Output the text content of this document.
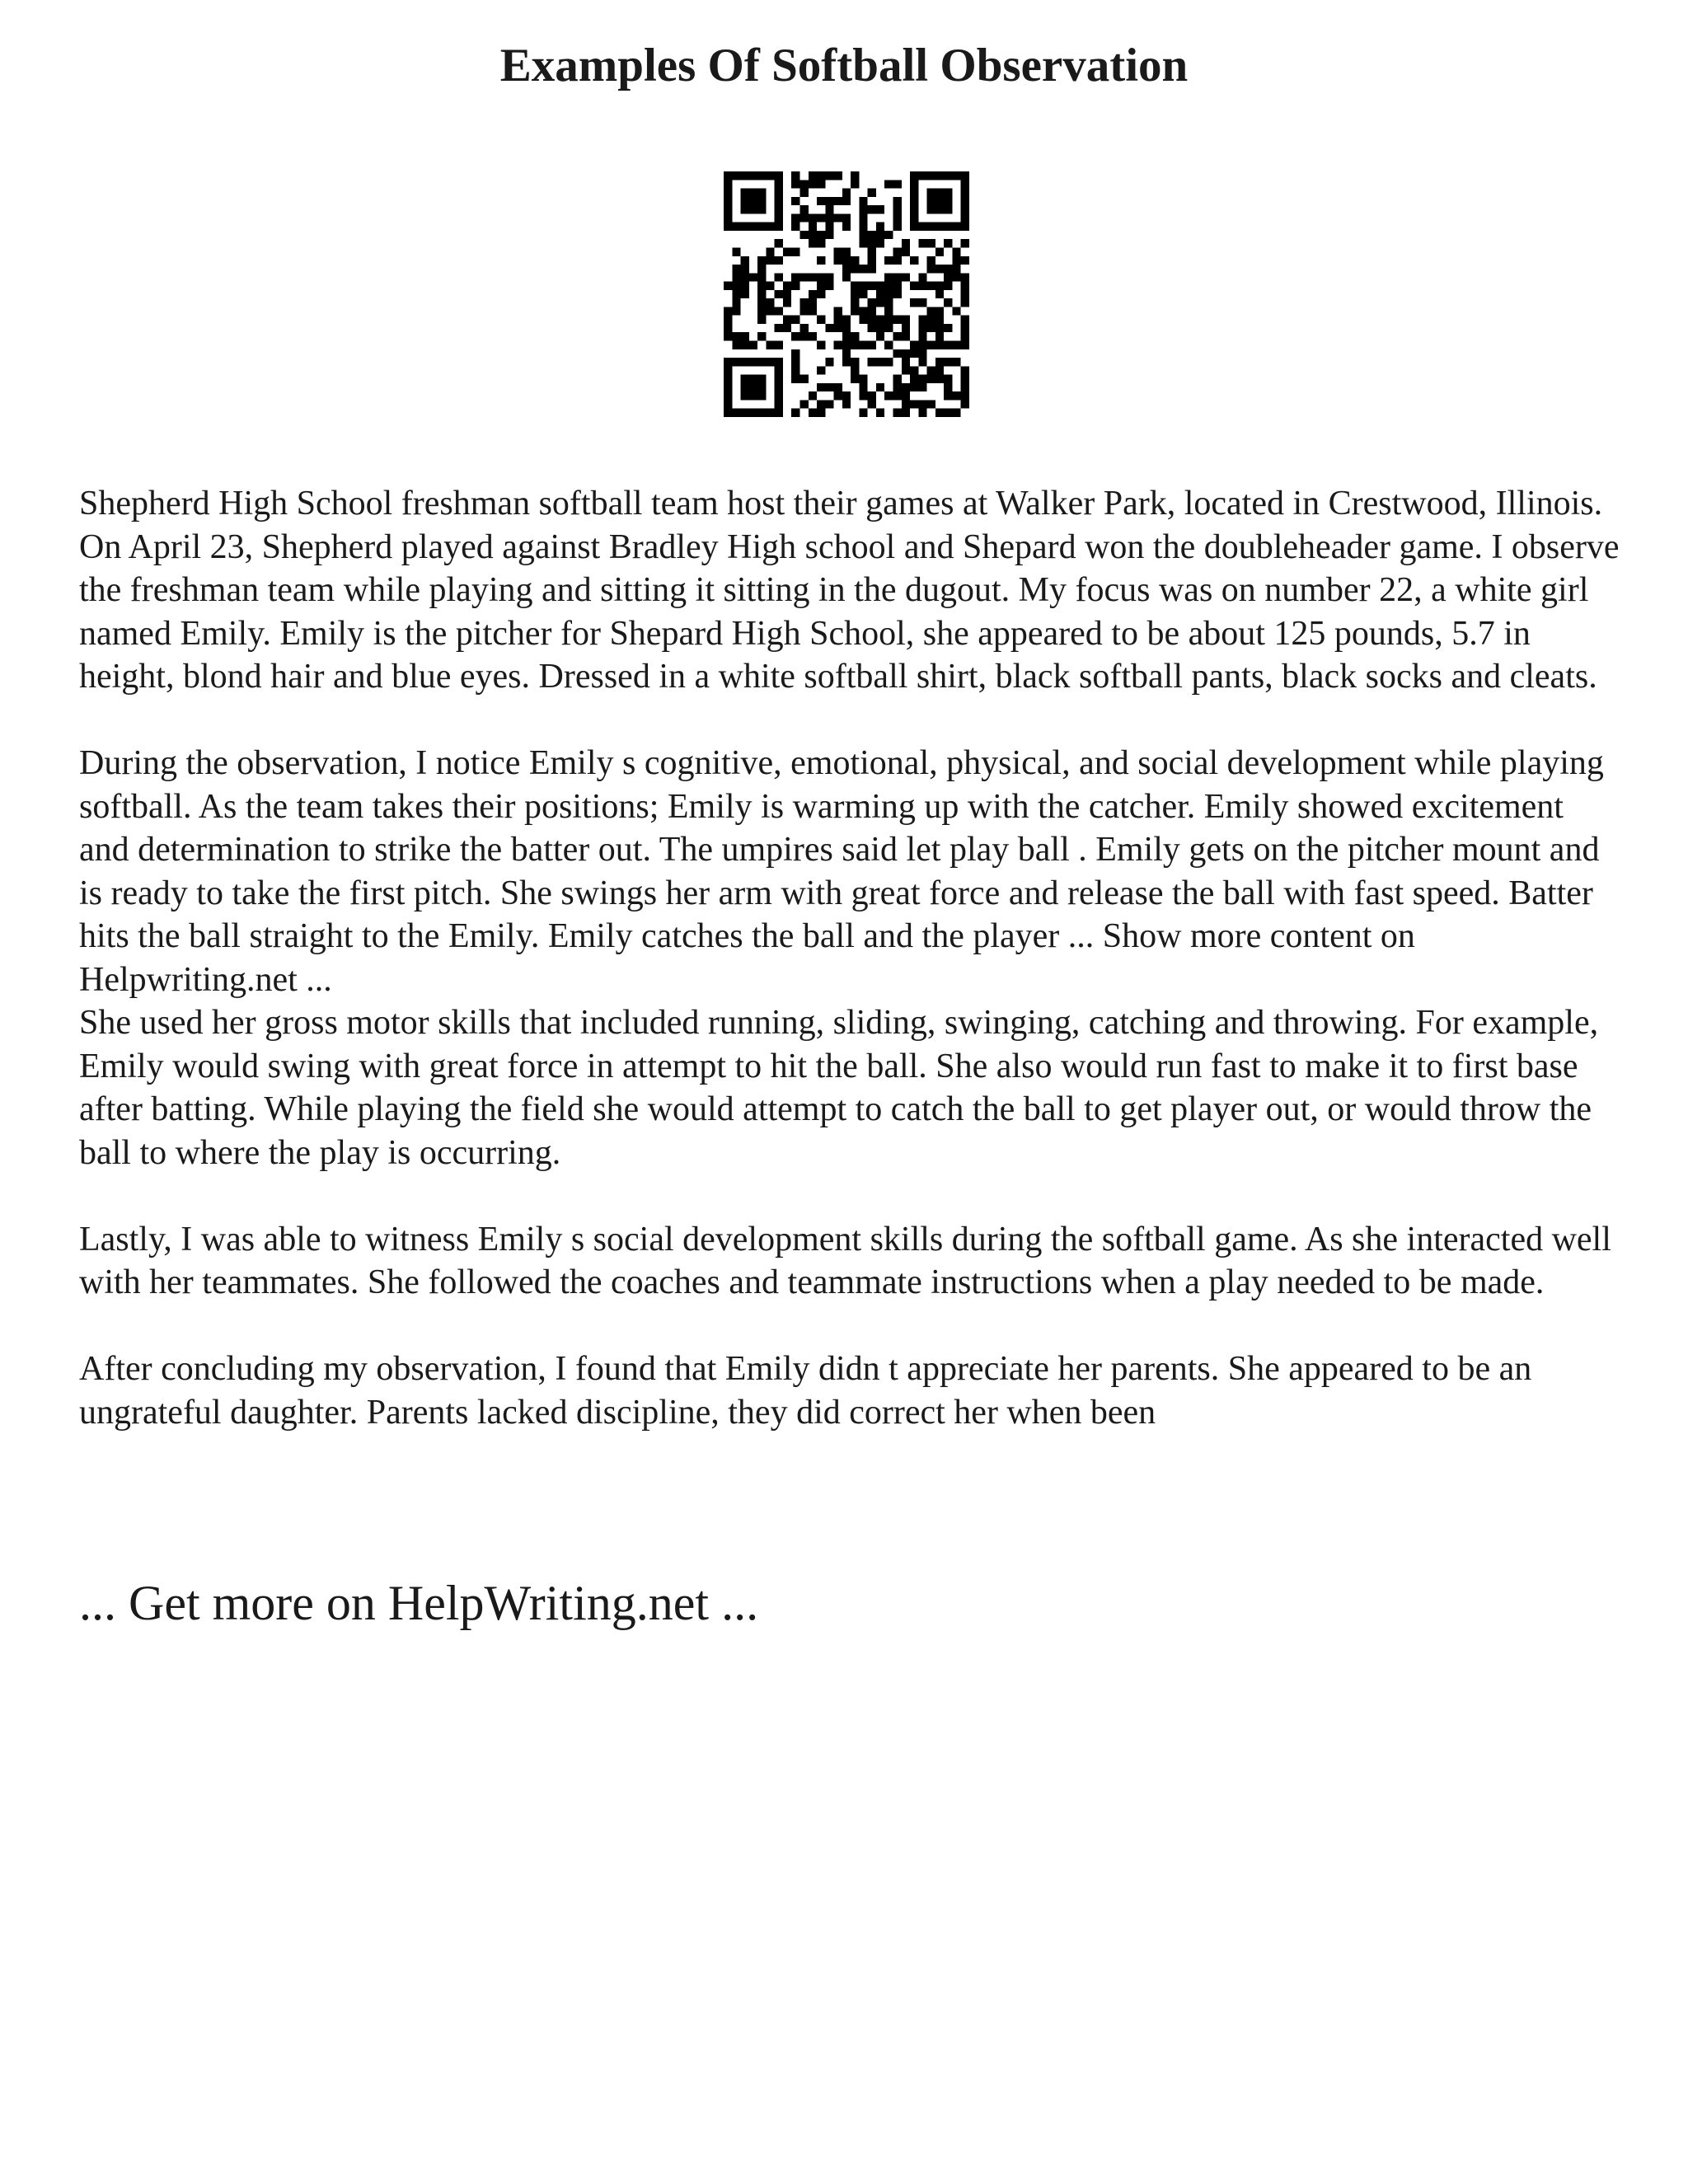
Examples Of Softball Observation

Shepherd High School freshman softball team host their games at Walker Park, located in Crestwood, Illinois. On April 23, Shepherd played against Bradley High school and Shepard won the doubleheader game. I observe the freshman team while playing and sitting it sitting in the dugout. My focus was on number 22, a white girl named Emily. Emily is the pitcher for Shepard High School, she appeared to be about 125 pounds, 5.7 in height, blond hair and blue eyes. Dressed in a white softball shirt, black softball pants, black socks and cleats.

During the observation, I notice Emily s cognitive, emotional, physical, and social development while playing softball. As the team takes their positions; Emily is warming up with the catcher. Emily showed excitement and determination to strike the batter out. The umpires said let play ball . Emily gets on the pitcher mount and is ready to take the first pitch. She swings her arm with great force and release the ball with fast speed. Batter hits the ball straight to the Emily. Emily catches the ball and the player ... Show more content on Helpwriting.net ...

She used her gross motor skills that included running, sliding, swinging, catching and throwing. For example, Emily would swing with great force in attempt to hit the ball. She also would run fast to make it to first base after batting. While playing the field she would attempt to catch the ball to get player out, or would throw the ball to where the play is occurring.

Lastly, I was able to witness Emily s social development skills during the softball game. As she interacted well with her teammates. She followed the coaches and teammate instructions when a play needed to be made.

After concluding my observation, I found that Emily didn t appreciate her parents. She appeared to be an ungrateful daughter. Parents lacked discipline, they did correct her when been

... Get more on HelpWriting.net ...
